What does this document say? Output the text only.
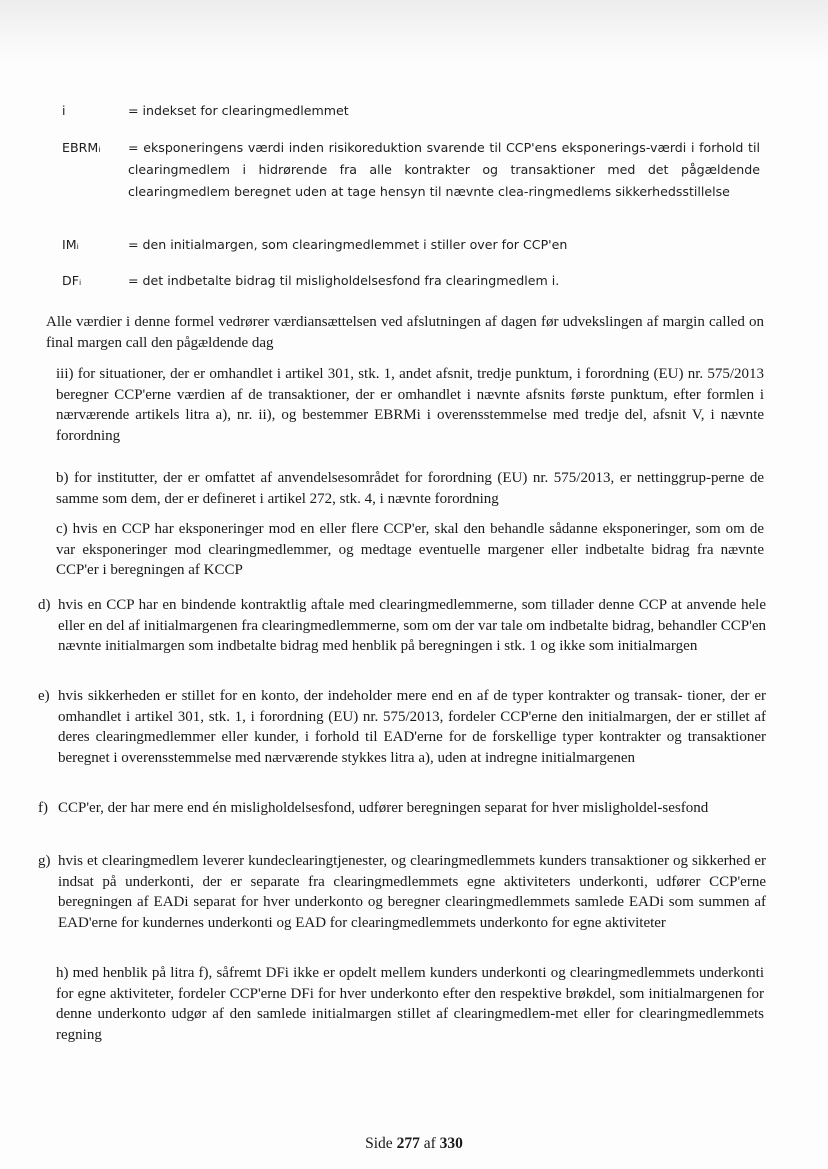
i	= indekset for clearingmedlemmet
EBRMᵢ = eksponeringens værdi inden risikoreduktion svarende til CCP'ens eksponerings-værdi i forhold til clearingmedlem i hidrørende fra alle kontrakter og transaktioner med det pågældende clearingmedlem beregnet uden at tage hensyn til nævnte clea-ringmedlems sikkerhedsstillelse
IMᵢ	= den initialmargen, som clearingmedlemmet i stiller over for CCP'en
DFᵢ	= det indbetalte bidrag til misligholdelsesfond fra clearingmedlem i.
Alle værdier i denne formel vedrører værdiansættelsen ved afslutningen af dagen før udvekslingen af margin called on final margen call den pågældende dag
iii) for situationer, der er omhandlet i artikel 301, stk. 1, andet afsnit, tredje punktum, i forordning (EU) nr. 575/2013 beregner CCP'erne værdien af de transaktioner, der er omhandlet i nævnte afsnits første punktum, efter formlen i nærværende artikels litra a), nr. ii), og bestemmer EBRMi i overensstemmelse med tredje del, afsnit V, i nævnte forordning
b) for institutter, der er omfattet af anvendelsesområdet for forordning (EU) nr. 575/2013, er nettinggrup-perne de samme som dem, der er defineret i artikel 272, stk. 4, i nævnte forordning
c) hvis en CCP har eksponeringer mod en eller flere CCP'er, skal den behandle sådanne eksponeringer, som om de var eksponeringer mod clearingmedlemmer, og medtage eventuelle margener eller indbetalte bidrag fra nævnte CCP'er i beregningen af KCCP
d) hvis en CCP har en bindende kontraktlig aftale med clearingmedlemmerne, som tillader denne CCP at anvende hele eller en del af initialmargenen fra clearingmedlemmerne, som om der var tale om indbetalte bidrag, behandler CCP'en nævnte initialmargen som indbetalte bidrag med henblik på beregningen i stk. 1 og ikke som initialmargen
e) hvis sikkerheden er stillet for en konto, der indeholder mere end en af de typer kontrakter og transak- tioner, der er omhandlet i artikel 301, stk. 1, i forordning (EU) nr. 575/2013, fordeler CCP'erne den initialmargen, der er stillet af deres clearingmedlemmer eller kunder, i forhold til EAD'erne for de forskellige typer kontrakter og transaktioner beregnet i overensstemmelse med nærværende stykkes litra a), uden at indregne initialmargenen
f) CCP'er, der har mere end én misligholdelsesfond, udfører beregningen separat for hver misligholdel-sesfond
g) hvis et clearingmedlem leverer kundeclearingtjenester, og clearingmedlemmets kunders transaktioner og sikkerhed er indsat på underkonti, der er separate fra clearingmedlemmets egne aktiviteters underkonti, udfører CCP'erne beregningen af EADi separat for hver underkonto og beregner clearingmedlemmets samlede EADi som summen af EAD'erne for kundernes underkonti og EAD for clearingmedlemmets underkonto for egne aktiviteter
h) med henblik på litra f), såfremt DFi ikke er opdelt mellem kunders underkonti og clearingmedlemmets underkonti for egne aktiviteter, fordeler CCP'erne DFi for hver underkonto efter den respektive brøkdel, som initialmargenen for denne underkonto udgør af den samlede initialmargen stillet af clearingmedlem-met eller for clearingmedlemmets regning
Side 277 af 330
